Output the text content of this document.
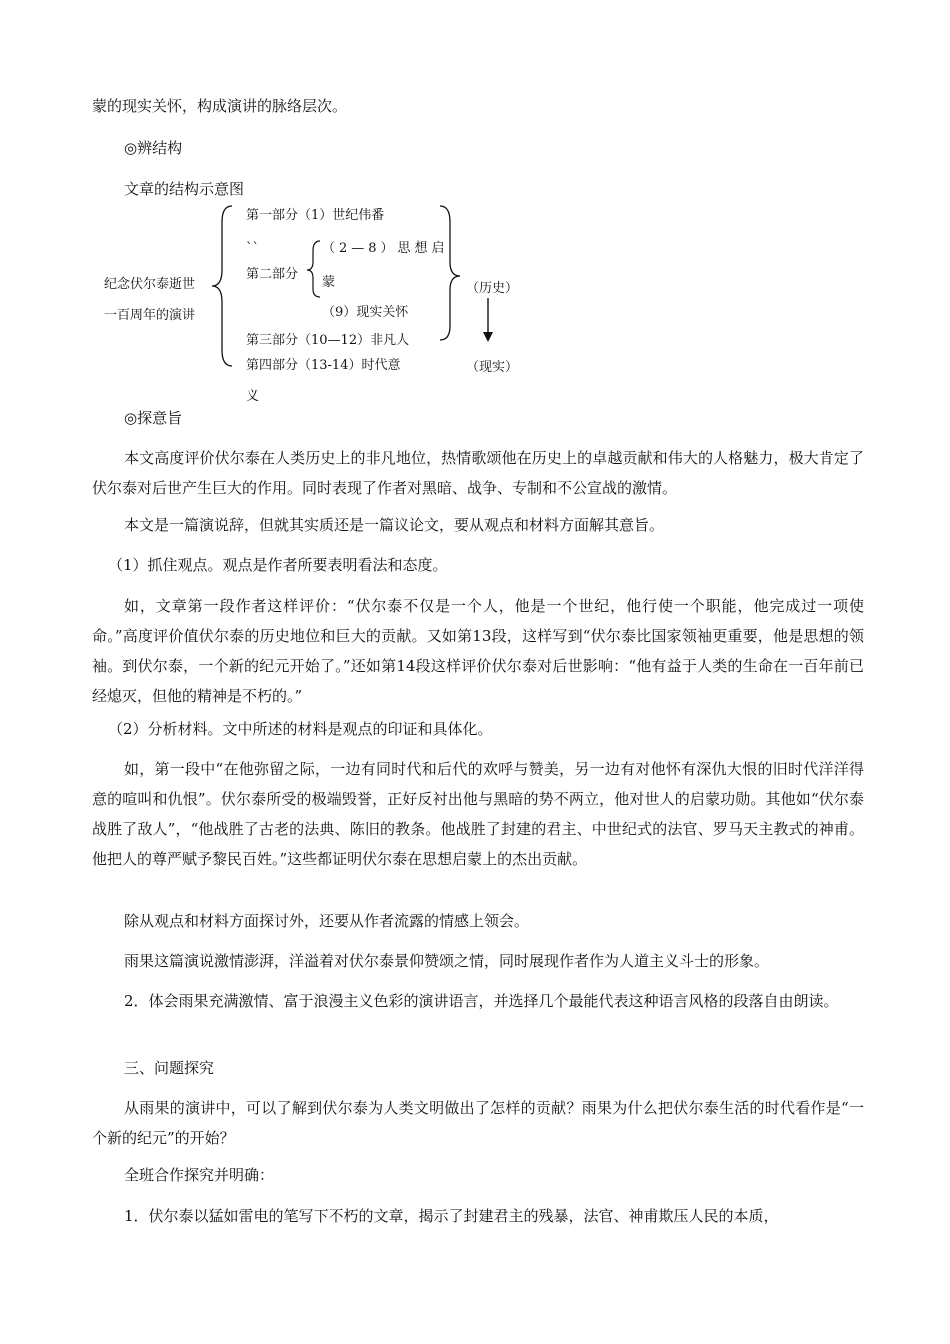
蒙的现实关怀，构成演讲的脉络层次。
◎辨结构
文章的结构示意图
纪念伏尔泰逝世
一百周年的演讲
第一部分（1）世纪伟番
``
第二部分
（2—8）思想启
蒙
（9）现实关怀
第三部分（10—12）非凡人
第四部分（13-14）时代意
义
（历史）
（现实）
◎探意旨

本文高度评价伏尔泰在人类历史上的非凡地位，热情歌颂他在历史上的卓越贡献和伟大的人格魅力，极大肯定了伏尔泰对后世产生巨大的作用。同时表现了作者对黑暗、战争、专制和不公宣战的激情。

本文是一篇演说辞，但就其实质还是一篇议论文，要从观点和材料方面解其意旨。

（1）抓住观点。观点是作者所要表明看法和态度。

如，文章第一段作者这样评价：“伏尔泰不仅是一个人，他是一个世纪，他行使一个职能，他完成过一项使命。”高度评价值伏尔泰的历史地位和巨大的贡献。又如第13段，这样写到“伏尔泰比国家领袖更重要，他是思想的领袖。到伏尔泰，一个新的纪元开始了。”还如第14段这样评价伏尔泰对后世影响：“他有益于人类的生命在一百年前已经熄灭，但他的精神是不朽的。”

（2）分析材料。文中所述的材料是观点的印证和具体化。

如，第一段中“在他弥留之际，一边有同时代和后代的欢呼与赞美，另一边有对他怀有深仇大恨的旧时代洋洋得意的喧叫和仇恨”。伏尔泰所受的极端毁誉，正好反衬出他与黑暗的势不两立，他对世人的启蒙功勋。其他如“伏尔泰战胜了敌人”，“他战胜了古老的法典、陈旧的教条。他战胜了封建的君主、中世纪式的法官、罗马天主教式的神甫。他把人的尊严赋予黎民百姓。”这些都证明伏尔泰在思想启蒙上的杰出贡献。

除从观点和材料方面探讨外，还要从作者流露的情感上领会。

雨果这篇演说激情澎湃，洋溢着对伏尔泰景仰赞颂之情，同时展现作者作为人道主义斗士的形象。

2．体会雨果充满激情、富于浪漫主义色彩的演讲语言，并选择几个最能代表这种语言风格的段落自由朗读。

三、问题探究

从雨果的演讲中，可以了解到伏尔泰为人类文明做出了怎样的贡献？雨果为什么把伏尔泰生活的时代看作是“一个新的纪元”的开始？

全班合作探究并明确：

1．伏尔泰以猛如雷电的笔写下不朽的文章，揭示了封建君主的残暴，法官、神甫欺压人民的本质，
